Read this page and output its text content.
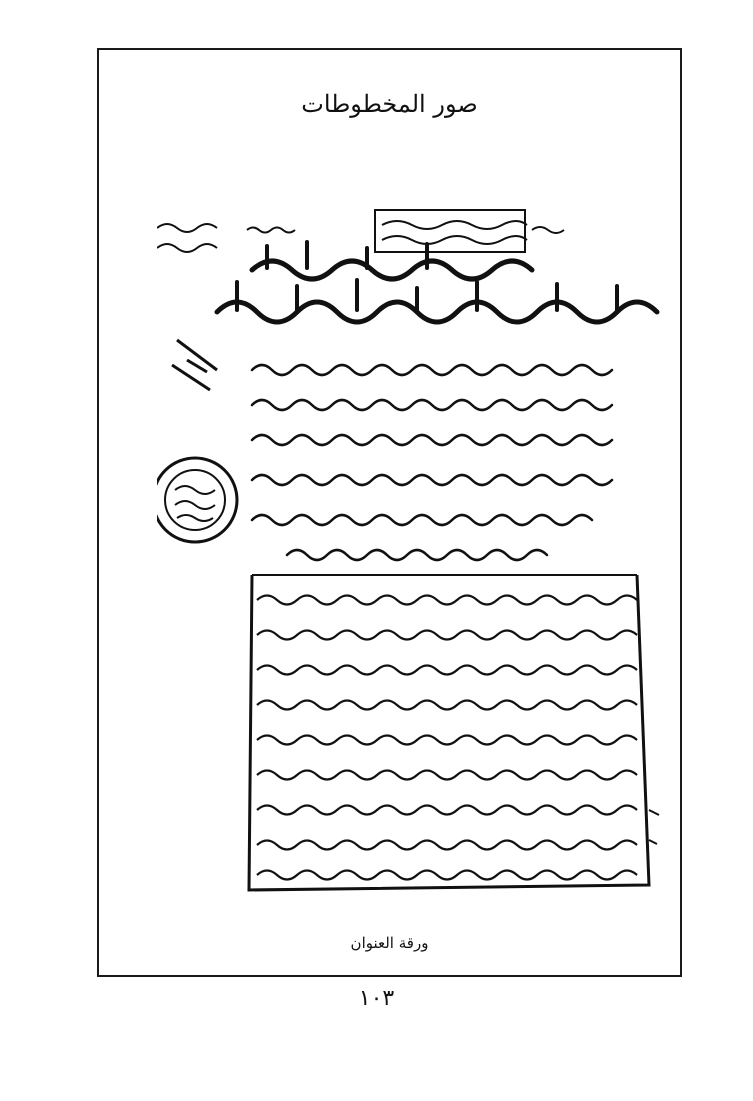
صور المخطوطات
ورقة العنوان
١٠٣
